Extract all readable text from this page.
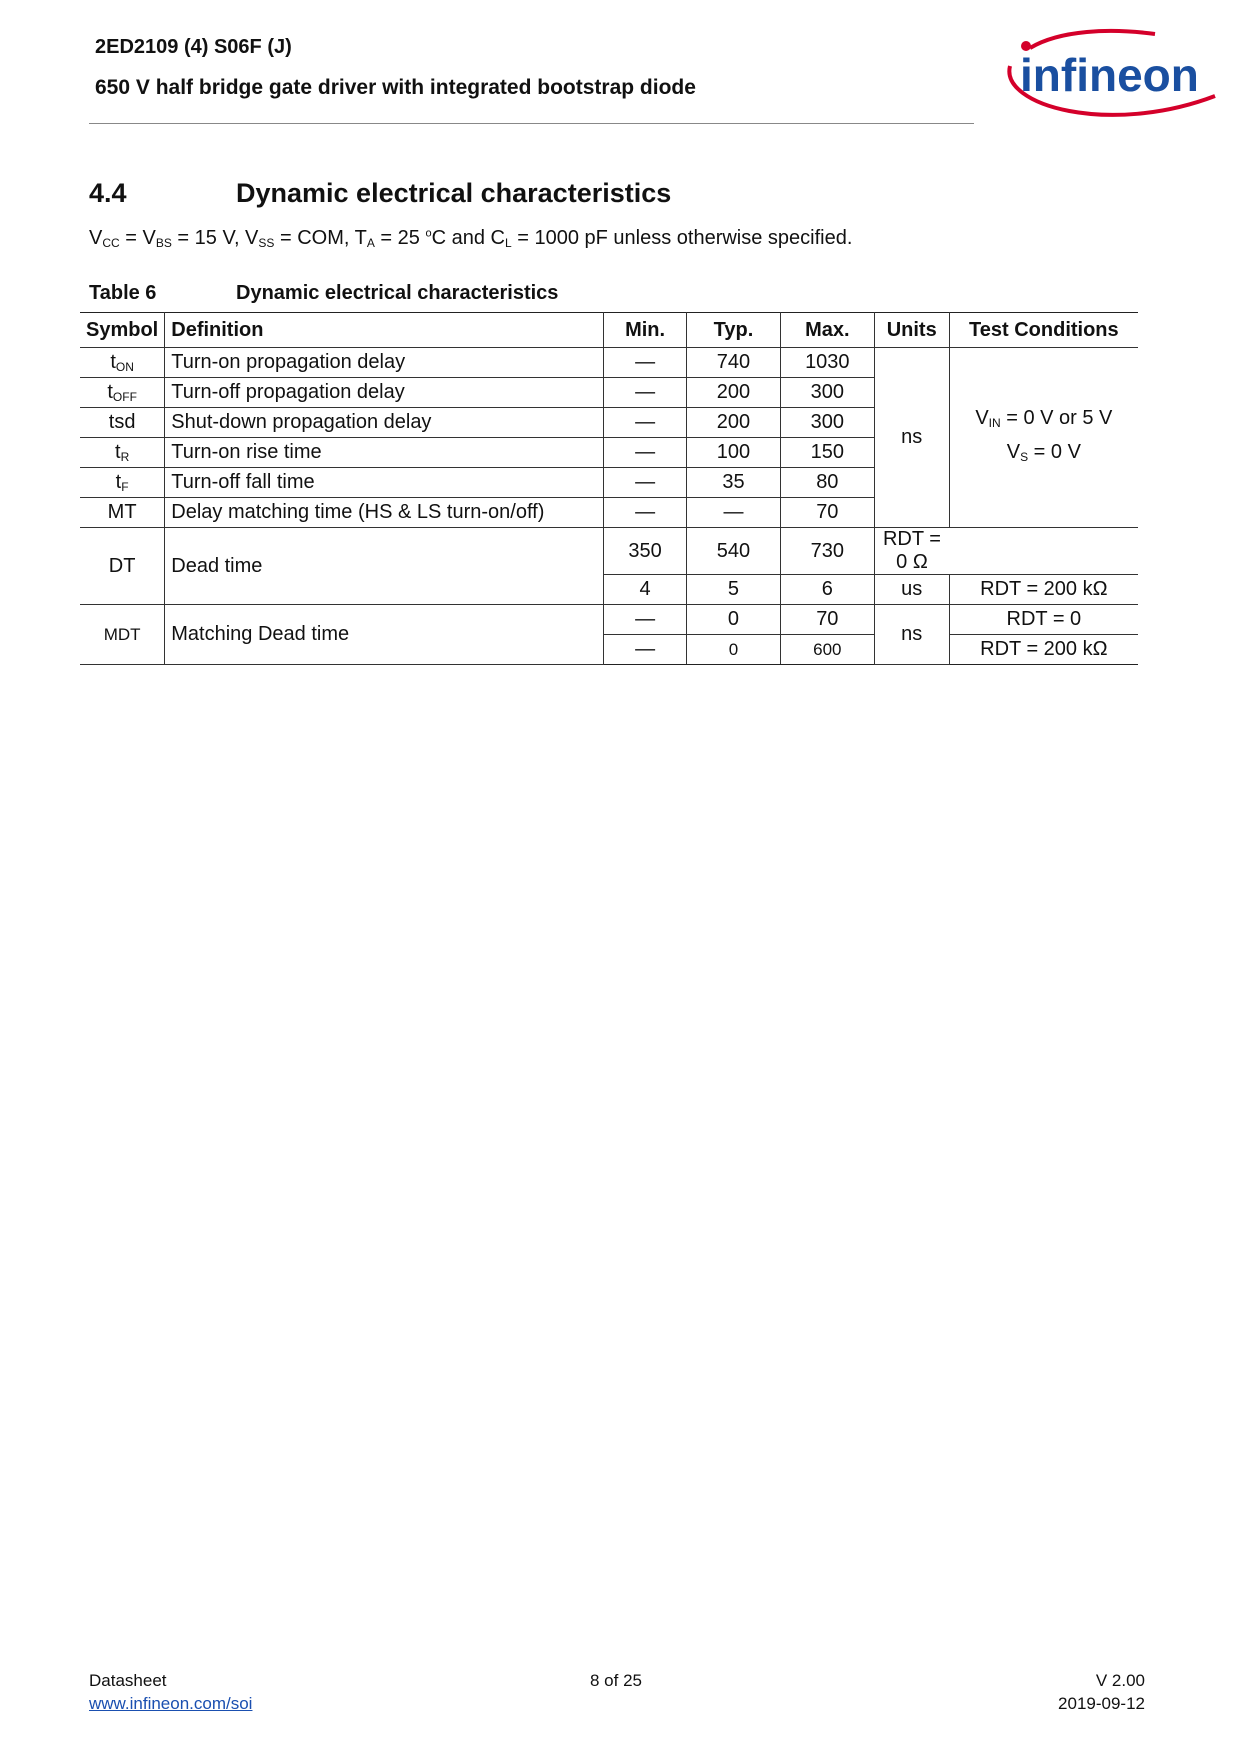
2ED2109 (4) S06F (J)
650 V half bridge gate driver with integrated bootstrap diode	infineon
4.4	Dynamic electrical characteristics
$V_{CC} = V_{BS} = 15$ V, $V_{SS}$ = COM, $T_A = 25$ $^o$C and $C_L = 1000$ pF unless otherwise specified.
Table 6	Dynamic electrical characteristics
Symbol	Definition	Min.	Typ.	Max.	Units	Test Conditions
$t_{ON}$	Turn-on propagation delay	—	740	1030	ns	$V_{IN} = 0$ V or 5 V
$V_S = 0$ V

$t_{OFF}$	Turn-off propagation delay	—	200	300		
tsd	Shut-down propagation delay	—	200	300		
$t_R$	Turn-on rise time	—	100	150		
$t_F$	Turn-off fall time	—	35	80		
MT	Delay matching time (HS & LS turn-on/off)	—	—	70		
DT	Dead time	350	540	730	RDT = 0 Ω	
		4	5	6	us	RDT = 200 kΩ
MDT	Matching Dead time	—	0	70	ns	RDT = 0
		—	0	600		RDT = 200 kΩ
Datasheet
www.infineon.com/soi
8 of 25	V 2.00
2019-09-12
